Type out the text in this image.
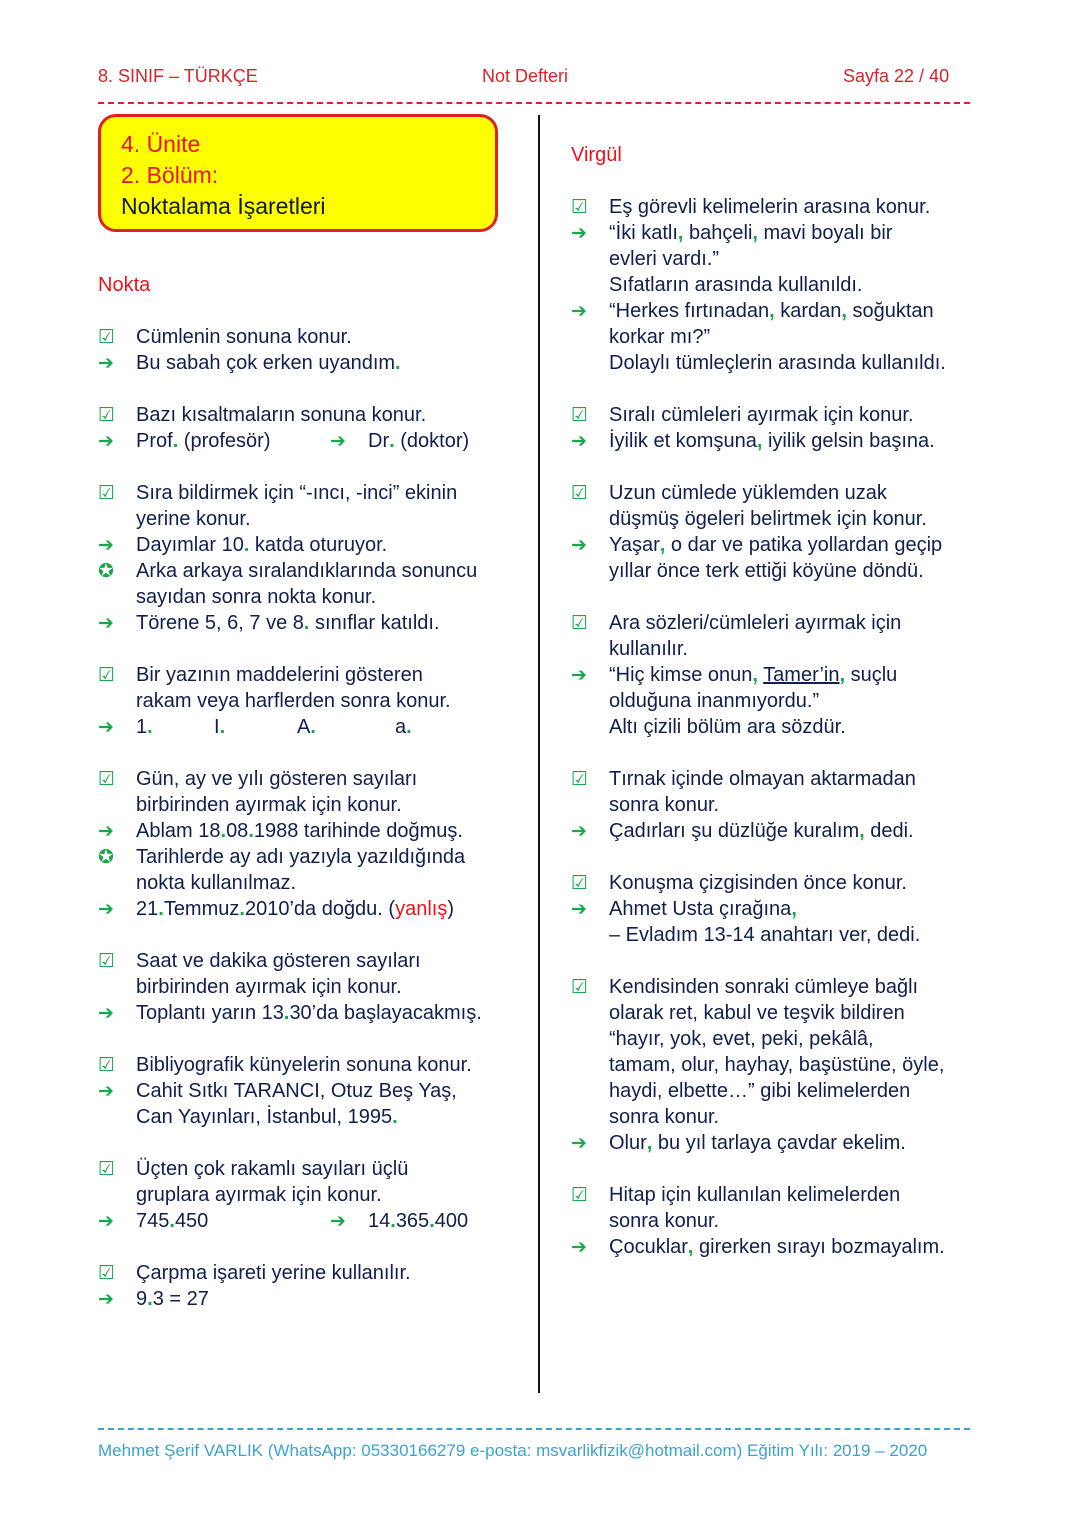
8. SINIF – TÜRKÇE	Not Defteri	Sayfa 22 / 40
4. Ünite
2. Bölüm:
Noktalama İşaretleri
Nokta
☑	Cümlenin sonuna konur.
➔	Bu sabah çok erken uyandım.
☑	Bazı kısaltmaların sonuna konur.
➔	Prof. (profesör)	➔ Dr. (doktor)
☑	Sıra bildirmek için “-ıncı, -inci” ekinin
yerine konur.
➔	Dayımlar 10. katda oturuyor.
✪	Arka arkaya sıralandıklarında sonuncu
sayıdan sonra nokta konur.
➔	Törene 5, 6, 7 ve 8. sınıflar katıldı.
☑	Bir yazının maddelerini gösteren
rakam veya harflerden sonra konur.
➔	1.	I.	A.	a.
☑	Gün, ay ve yılı gösteren sayıları
birbirinden ayırmak için konur.
➔	Ablam 18.08.1988 tarihinde doğmuş.
✪	Tarihlerde ay adı yazıyla yazıldığında
nokta kullanılmaz.
➔	21.Temmuz.2010’da doğdu. (yanlış)
☑	Saat ve dakika gösteren sayıları
birbirinden ayırmak için konur.
➔	Toplantı yarın 13.30’da başlayacakmış.
☑	Bibliyografik künyelerin sonuna konur.
➔	Cahit Sıtkı TARANCI, Otuz Beş Yaş,
Can Yayınları, İstanbul, 1995.
☑	Üçten çok rakamlı sayıları üçlü
gruplara ayırmak için konur.
➔	745.450	➔ 14.365.400
☑	Çarpma işareti yerine kullanılır.
➔	9.3 = 27
Virgül
☑	Eş görevli kelimelerin arasına konur.
➔	“İki katlı, bahçeli, mavi boyalı bir
evleri vardı.”
Sıfatların arasında kullanıldı.
➔	“Herkes fırtınadan, kardan, soğuktan
korkar mı?”
Dolaylı tümleçlerin arasında kullanıldı.
☑	Sıralı cümleleri ayırmak için konur.
➔	İyilik et komşuna, iyilik gelsin başına.
☑	Uzun cümlede yüklemden uzak
düşmüş ögeleri belirtmek için konur.
➔	Yaşar, o dar ve patika yollardan geçip
yıllar önce terk ettiği köyüne döndü.
☑	Ara sözleri/cümleleri ayırmak için
kullanılır.
➔	“Hiç kimse onun, Tamer’in, suçlu
olduğuna inanmıyordu.”
Altı çizili bölüm ara sözdür.
☑	Tırnak içinde olmayan aktarmadan
sonra konur.
➔	Çadırları şu düzlüğe kuralım, dedi.
☑	Konuşma çizgisinden önce konur.
➔	Ahmet Usta çırağına,
– Evladım 13-14 anahtarı ver, dedi.
☑	Kendisinden sonraki cümleye bağlı
olarak ret, kabul ve teşvik bildiren
“hayır, yok, evet, peki, pekâlâ,
tamam, olur, hayhay, başüstüne, öyle,
haydi, elbette…” gibi kelimelerden
sonra konur.
➔	Olur, bu yıl tarlaya çavdar ekelim.
☑	Hitap için kullanılan kelimelerden
sonra konur.
➔	Çocuklar, girerken sırayı bozmayalım.
Mehmet Şerif VARLIK (WhatsApp: 05330166279 e-posta: msvarlikfizik@hotmail.com) Eğitim Yılı: 2019 – 2020
